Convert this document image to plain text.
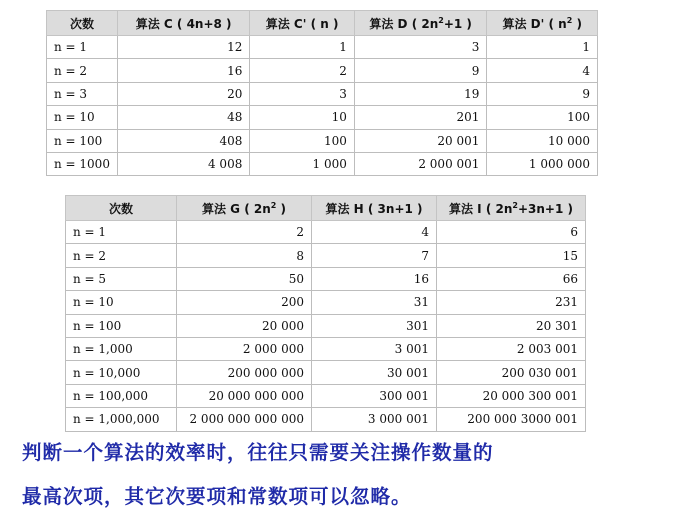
次数	算法 C ( 4n+8 )	算法 C' ( n )	算法 D ( $2n^2+1$ )	算法 D' ( $n^2$ )
n = 1	12	1	3	1
n = 2	16	2	9	4
n = 3	20	3	19	9
n = 10	48	10	201	100
n = 100	408	100	20 001	10 000
n = 1000	4 008	1 000	2 000 001	1 000 000
次数	算法 G ( $2n^2$ )	算法 H ( 3n+1 )	算法 I ( $2n^2+3n+1$ )
n = 1	2	4	6
n = 2	8	7	15
n = 5	50	16	66
n = 10	200	31	231
n = 100	20 000	301	20 301
n = 1,000	2 000 000	3 001	2 003 001
n = 10,000	200 000 000	30 001	200 030 001
n = 100,000	20 000 000 000	300 001	20 000 300 001
n = 1,000,000	2 000 000 000 000	3 000 001	200 000 3000 001

判断一个算法的效率时，往往只需要关注操作数量的

最高次项，其它次要项和常数项可以忽略。
